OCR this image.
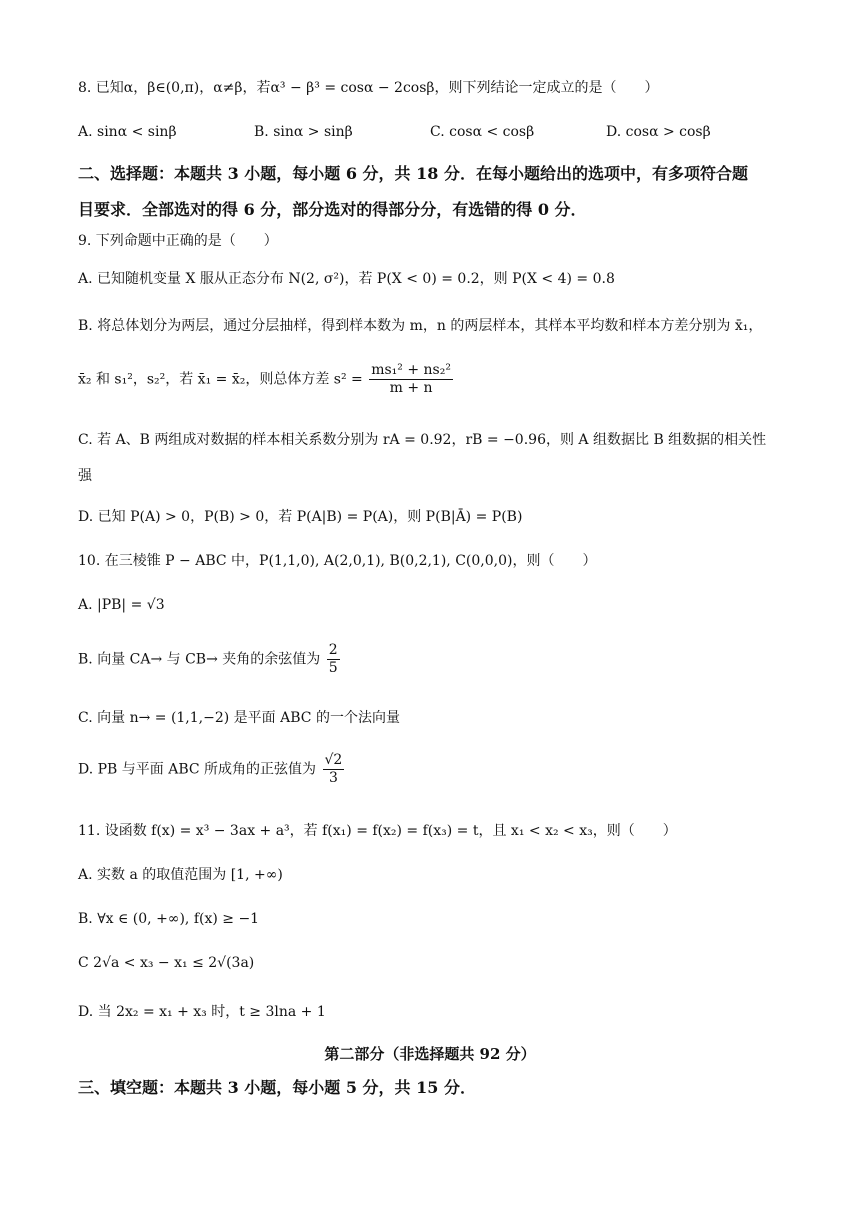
8. 已知α，β∈(0,π)，α≠β，若α³ − β³ = cosα − 2cosβ，则下列结论一定成立的是（　　）
A. sinα < sinβ	B. sinα > sinβ	C. cosα < cosβ	D. cosα > cosβ
二、选择题：本题共 3 小题，每小题 6 分，共 18 分．在每小题给出的选项中，有多项符合题
目要求．全部选对的得 6 分，部分选对的得部分分，有选错的得 0 分．
9. 下列命题中正确的是（　　）
A. 已知随机变量 X 服从正态分布 N(2, σ²)，若 P(X < 0) = 0.2，则 P(X < 4) = 0.8
B. 将总体划分为两层，通过分层抽样，得到样本数为 m，n 的两层样本，其样本平均数和样本方差分别为 x̄₁，
x̄₂ 和 s₁²，s₂²，若 x̄₁ = x̄₂，则总体方差 $s^2 = \frac{\text{ms₁² + ns₂²}}{m + n}$
C. 若 A、B 两组成对数据的样本相关系数分别为 rA = 0.92，rB = −0.96，则 A 组数据比 B 组数据的相关性
强
D. 已知 P(A) > 0，P(B) > 0，若 P(A|B) = P(A)，则 P(B|Ā) = P(B)
10. 在三棱锥 P − ABC 中，P(1,1,0), A(2,0,1), B(0,2,1), C(0,0,0)，则（　　）
A. |PB| = √3
B. 向量 CA→ 与 CB→ 夹角的余弦值为 $\frac{2}{5}$
C. 向量 n→ = (1,1,−2) 是平面 ABC 的一个法向量
D. PB 与平面 ABC 所成角的正弦值为 $\frac{√2}{3}$
11. 设函数 f(x) = x³ − 3ax + a³，若 f(x₁) = f(x₂) = f(x₃) = t，且 x₁ < x₂ < x₃，则（　　）
A. 实数 a 的取值范围为 [1, +∞)
B. ∀x ∈ (0, +∞), f(x) ≥ −1
C 2√a < x₃ − x₁ ≤ 2√(3a)
D. 当 2x₂ = x₁ + x₃ 时，t ≥ 3lna + 1
第二部分（非选择题共 92 分）
三、填空题：本题共 3 小题，每小题 5 分，共 15 分．
